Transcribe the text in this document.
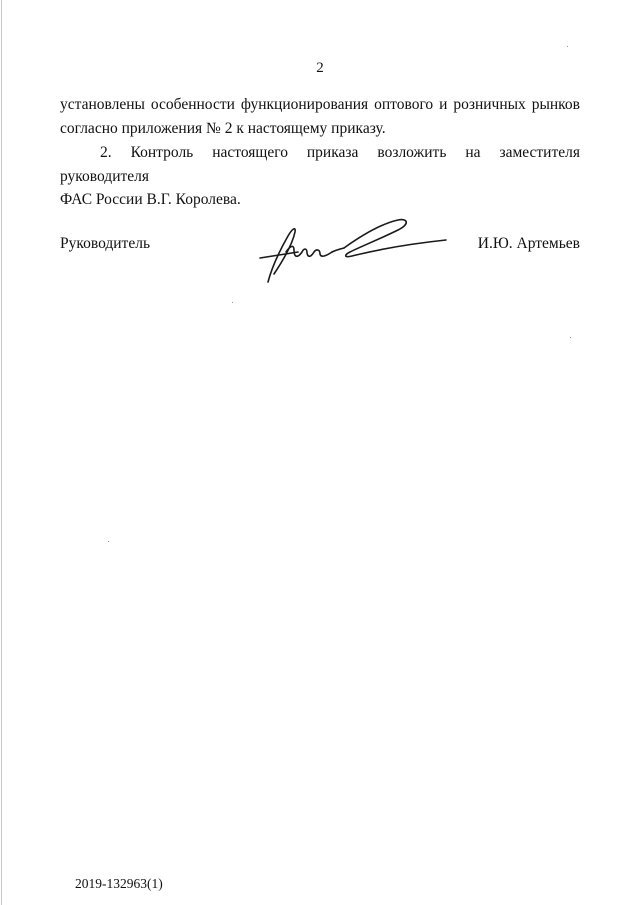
2

установлены особенности функционирования оптового и розничных рынков

согласно приложения № 2 к настоящему приказу.

2. Контроль настоящего приказа возложить на заместителя руководителя

ФАС России В.Г. Королева.

Руководитель	И.Ю. Артемьев
2019-132963(1)
